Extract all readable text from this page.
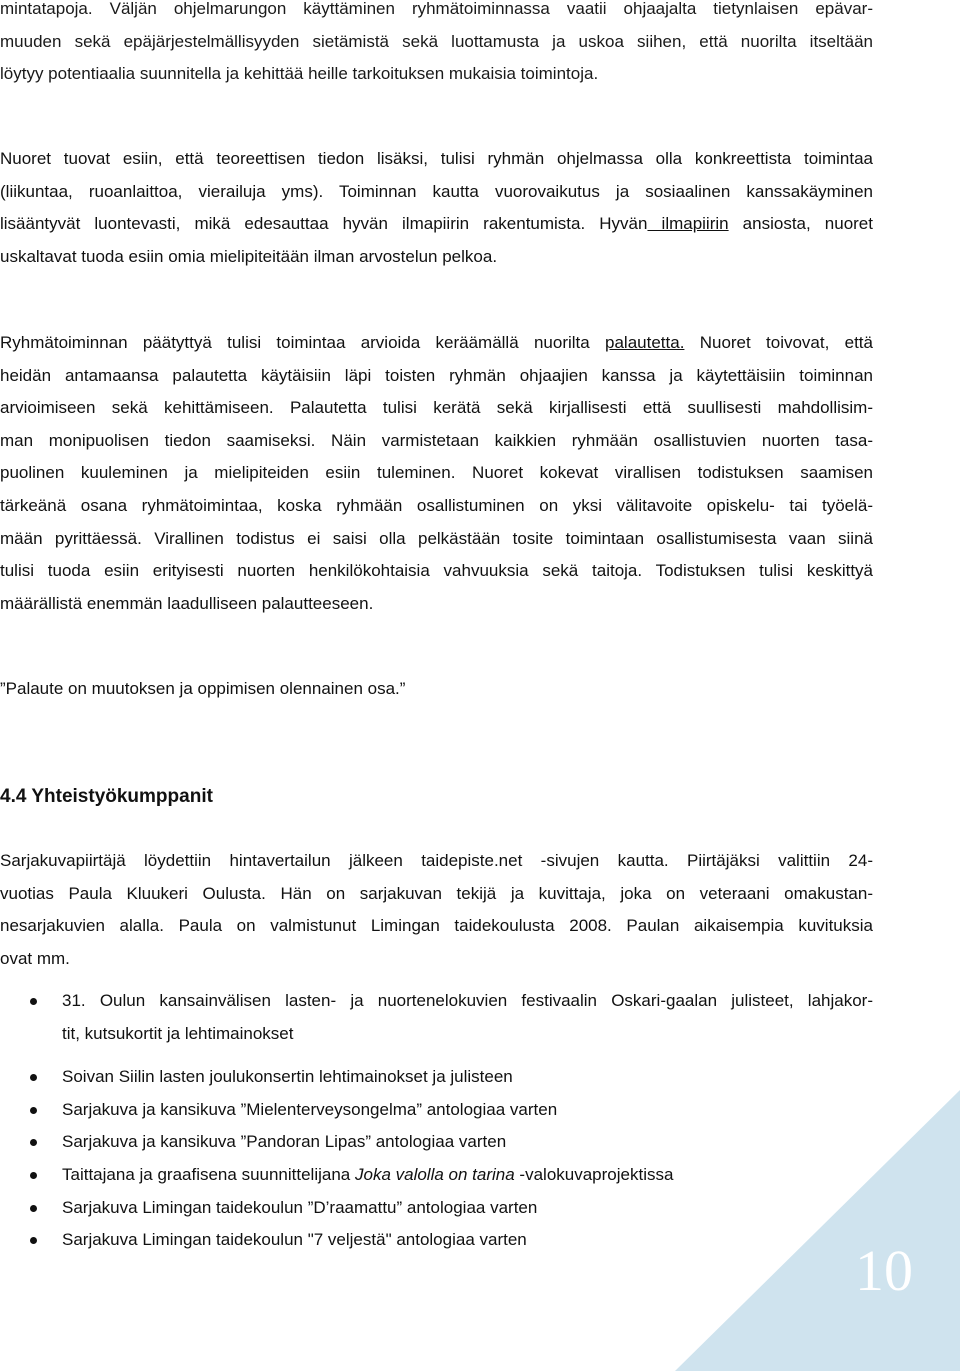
mintatapoja. Väljän ohjelmarungon käyttäminen ryhmätoiminnassa vaatii ohjaajalta tietynlaisen epävar-
muuden sekä epäjärjestelmällisyyden sietämistä sekä luottamusta ja uskoa siihen, että nuorilta itseltään
löytyy potentiaalia suunnitella ja kehittää heille tarkoituksen mukaisia toimintoja.

Nuoret tuovat esiin, että teoreettisen tiedon lisäksi, tulisi ryhmän ohjelmassa olla konkreettista toimintaa
(liikuntaa, ruoanlaittoa, vierailuja yms). Toiminnan kautta vuorovaikutus ja sosiaalinen kanssakäyminen
lisääntyvät luontevasti, mikä edesauttaa hyvän ilmapiirin rakentumista. Hyvän ilmapiirin ansiosta, nuoret
uskaltavat tuoda esiin omia mielipiteitään ilman arvostelun pelkoa.

Ryhmätoiminnan päätyttyä tulisi toimintaa arvioida keräämällä nuorilta palautetta. Nuoret toivovat, että
heidän antamaansa palautetta käytäisiin läpi toisten ryhmän ohjaajien kanssa ja käytettäisiin toiminnan
arvioimiseen sekä kehittämiseen. Palautetta tulisi kerätä sekä kirjallisesti että suullisesti mahdollisim-
man monipuolisen tiedon saamiseksi. Näin varmistetaan kaikkien ryhmään osallistuvien nuorten tasa-
puolinen kuuleminen ja mielipiteiden esiin tuleminen. Nuoret kokevat virallisen todistuksen saamisen
tärkeänä osana ryhmätoimintaa, koska ryhmään osallistuminen on yksi välitavoite opiskelu- tai työelä-
mään pyrittäessä. Virallinen todistus ei saisi olla pelkästään tosite toimintaan osallistumisesta vaan siinä
tulisi tuoda esiin erityisesti nuorten henkilökohtaisia vahvuuksia sekä taitoja. Todistuksen tulisi keskittyä
määrällistä enemmän laadulliseen palautteeseen.

”Palaute on muutoksen ja oppimisen olennainen osa.”

4.4 Yhteistyökumppanit

Sarjakuvapiirtäjä löydettiin hintavertailun jälkeen taidepiste.net -sivujen kautta. Piirtäjäksi valittiin 24-
vuotias Paula Kluukeri Oulusta. Hän on sarjakuvan tekijä ja kuvittaja, joka on veteraani omakustan-
nesarjakuvien alalla. Paula on valmistunut Limingan taidekoulusta 2008. Paulan aikaisempia kuvituksia
ovat mm.

31. Oulun kansainvälisen lasten- ja nuortenelokuvien festivaalin Oskari-gaalan julisteet, lahjakor-
tit, kutsukortit ja lehtimainokset
Soivan Siilin lasten joulukonsertin lehtimainokset ja julisteen
Sarjakuva ja kansikuva ”Mielenterveysongelma” antologiaa varten
Sarjakuva ja kansikuva ”Pandoran Lipas” antologiaa varten
Taittajana ja graafisena suunnittelijana Joka valolla on tarina -valokuvaprojektissa
Sarjakuva Limingan taidekoulun ”D’raamattu” antologiaa varten
Sarjakuva Limingan taidekoulun "7 veljestä" antologiaa varten	10
